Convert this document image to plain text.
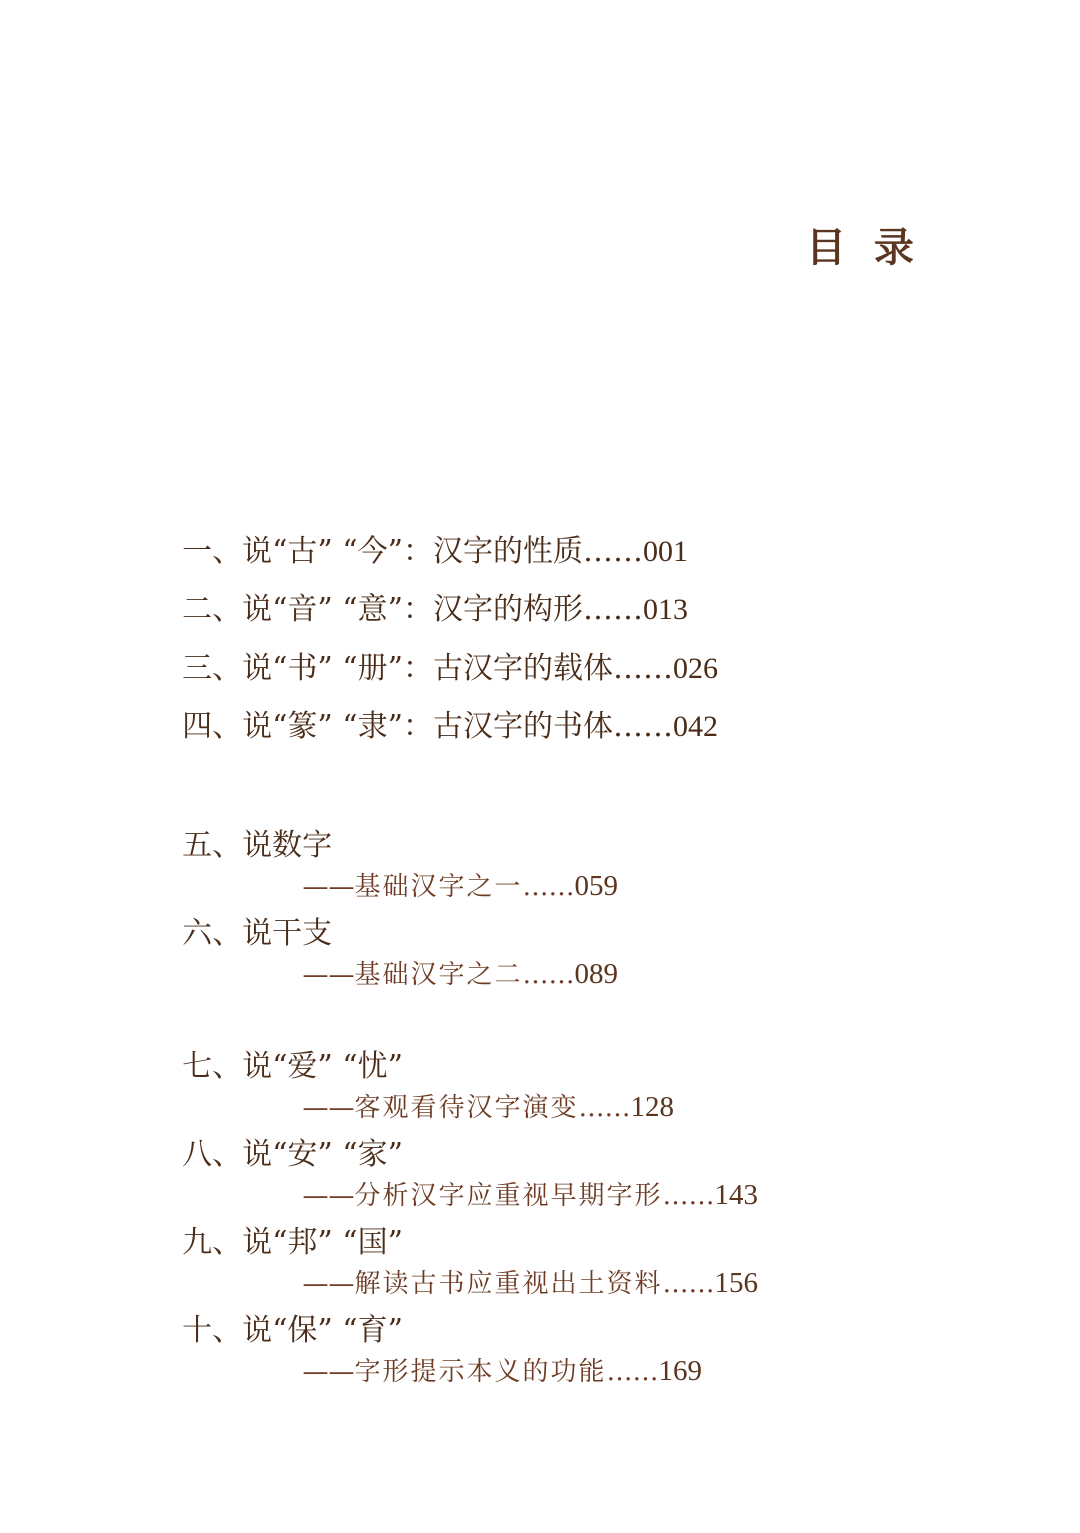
目  录

一、说“古” “今”：汉字的性质……001

二、说“音” “意”：汉字的构形……013

三、说“书” “册”：古汉字的载体……026

四、说“篆” “隶”：古汉字的书体……042

五、说数字

——基础汉字之一……059

六、说干支

——基础汉字之二……089

七、说“爱” “忧”

——客观看待汉字演变……128

八、说“安” “家”

——分析汉字应重视早期字形……143

九、说“邦” “国”

——解读古书应重视出土资料……156

十、说“保” “育”

——字形提示本义的功能……169
